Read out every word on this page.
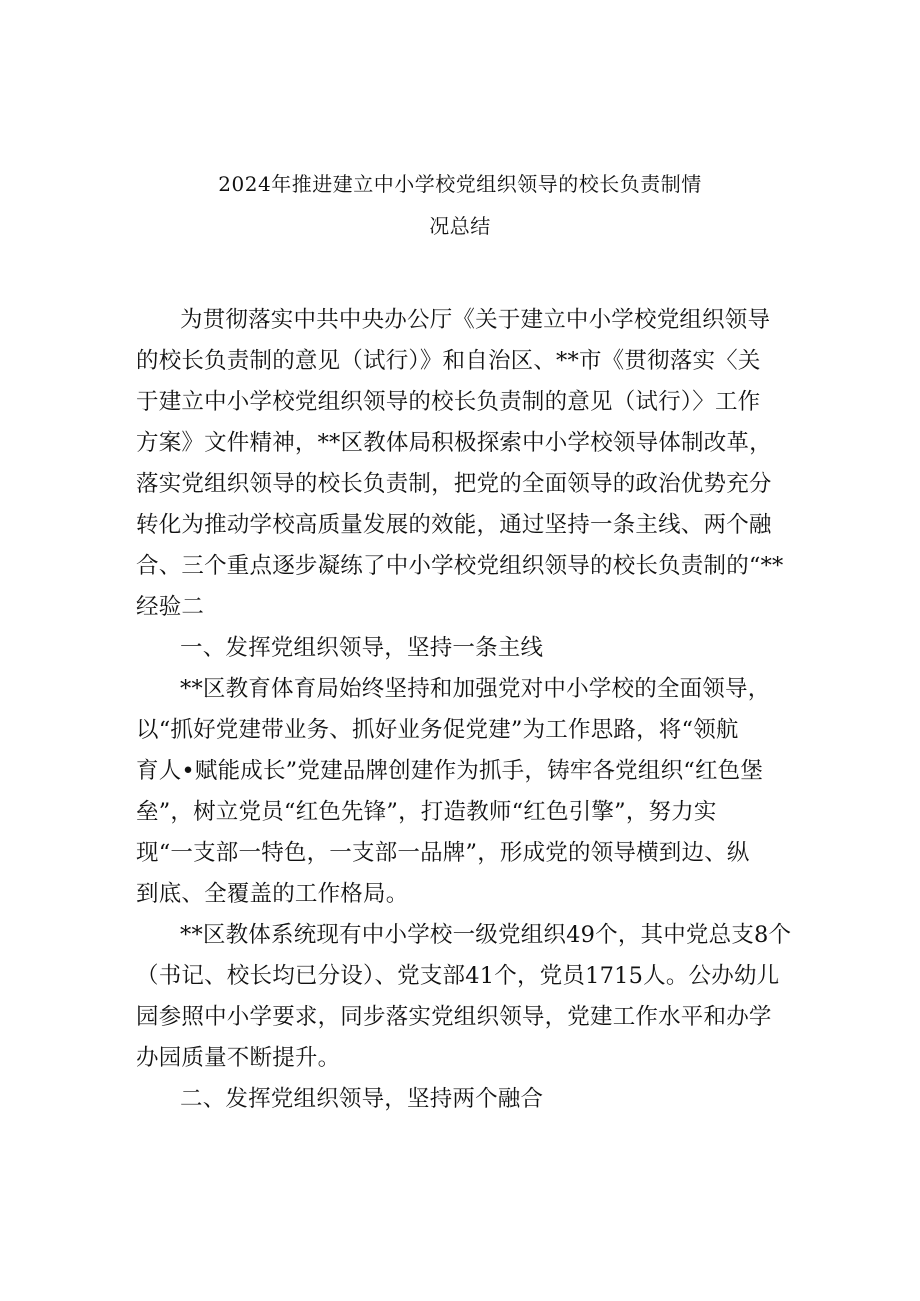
2024年推进建立中小学校党组织领导的校长负责制情
况总结
为贯彻落实中共中央办公厅《关于建立中小学校党组织领导
的校长负责制的意见（试行）》和自治区、**市《贯彻落实〈关
于建立中小学校党组织领导的校长负责制的意见（试行）〉工作
方案》文件精神，**区教体局积极探索中小学校领导体制改革，
落实党组织领导的校长负责制，把党的全面领导的政治优势充分
转化为推动学校高质量发展的效能，通过坚持一条主线、两个融
合、三个重点逐步凝练了中小学校党组织领导的校长负责制的“**
经验二
一、发挥党组织领导，坚持一条主线
**区教育体育局始终坚持和加强党对中小学校的全面领导，
以“抓好党建带业务、抓好业务促党建”为工作思路，将“领航
育人•赋能成长”党建品牌创建作为抓手，铸牢各党组织“红色堡
垒”，树立党员“红色先锋”，打造教师“红色引擎”，努力实
现“一支部一特色，一支部一品牌”，形成党的领导横到边、纵
到底、全覆盖的工作格局。
**区教体系统现有中小学校一级党组织49个，其中党总支8个
（书记、校长均已分设）、党支部41个，党员1715人。公办幼儿
园参照中小学要求，同步落实党组织领导，党建工作水平和办学
办园质量不断提升。
二、发挥党组织领导，坚持两个融合
